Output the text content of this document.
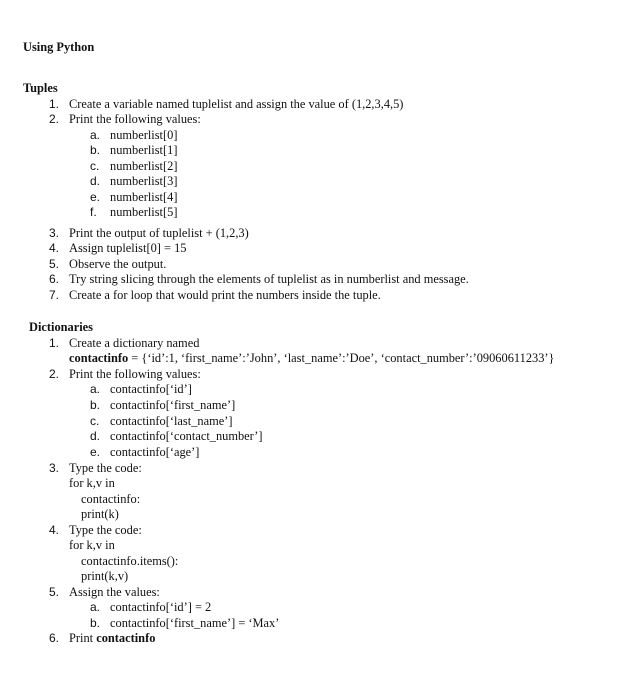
Using Python
Tuples
1. Create a variable named tuplelist and assign the value of (1,2,3,4,5)
2. Print the following values:
a. numberlist[0]
b. numberlist[1]
c. numberlist[2]
d. numberlist[3]
e. numberlist[4]
f. numberlist[5]
3. Print the output of tuplelist + (1,2,3)
4. Assign tuplelist[0] = 15
5. Observe the output.
6. Try string slicing through the elements of tuplelist as in numberlist and message.
7. Create a for loop that would print the numbers inside the tuple.
Dictionaries
1. Create a dictionary named
contactinfo = {‘id’:1, ‘first_name’:’John’, ‘last_name’:’Doe’, ‘contact_number’:’09060611233’}
2. Print the following values:
a. contactinfo[‘id’]
b. contactinfo[‘first_name’]
c. contactinfo[‘last_name’]
d. contactinfo[‘contact_number’]
e. contactinfo[‘age’]
3. Type the code:
for k,v in
contactinfo:
print(k)
4. Type the code:
for k,v in
contactinfo.items():
print(k,v)
5. Assign the values:
a. contactinfo[‘id’] = 2
b. contactinfo[‘first_name’] = ‘Max’
6. Print contactinfo
